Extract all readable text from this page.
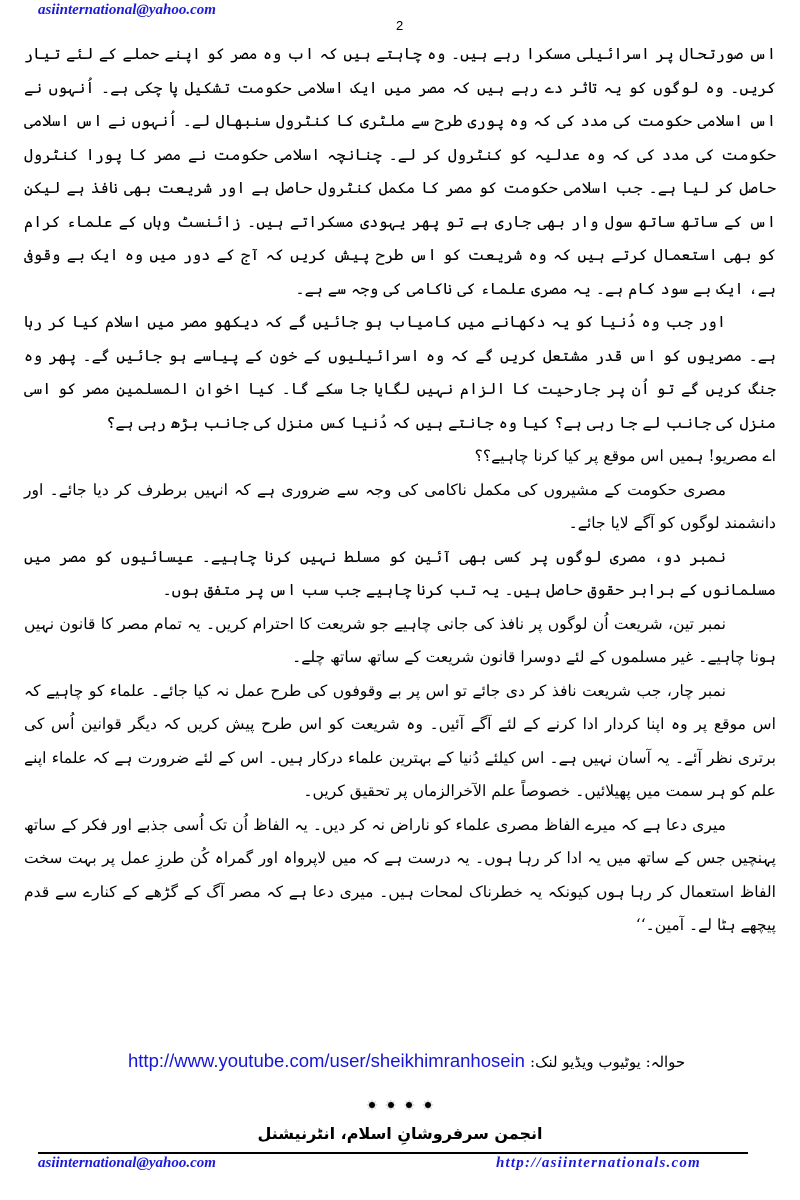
asiinternational@yahoo.com
2

اس صورتحال پر اسرائیلی مسکرا رہے ہیں۔ وہ چاہتے ہیں کہ اب وہ مصر کو اپنے حملے کے لئے تیار کریں۔ وہ لوگوں کو یہ تاثر دے رہے ہیں کہ مصر میں ایک اسلامی حکومت تشکیل پا چکی ہے۔ اُنہوں نے اس اسلامی حکومت کی مدد کی کہ وہ پوری طرح سے ملٹری کا کنٹرول سنبھال لے۔ اُنہوں نے اس اسلامی حکومت کی مدد کی کہ وہ عدلیہ کو کنٹرول کر لے۔ چنانچہ اسلامی حکومت نے مصر کا پورا کنٹرول حاصل کر لیا ہے۔ جب اسلامی حکومت کو مصر کا مکمل کنٹرول حاصل ہے اور شریعت بھی نافذ ہے لیکن اس کے ساتھ ساتھ سول وار بھی جاری ہے تو پھر یہودی مسکراتے ہیں۔ زائنسٹ وہاں کے علماء کرام کو بھی استعمال کرتے ہیں کہ وہ شریعت کو اس طرح پیش کریں کہ آج کے دور میں وہ ایک بے وقوفی ہے، ایک بے سود کام ہے۔ یہ مصری علماء کی ناکامی کی وجہ سے ہے۔

اور جب وہ دُنیا کو یہ دکھانے میں کامیاب ہو جائیں گے کہ دیکھو مصر میں اسلام کیا کر رہا ہے۔ مصریوں کو اس قدر مشتعل کریں گے کہ وہ اسرائیلیوں کے خون کے پیاسے ہو جائیں گے۔ پھر وہ جنگ کریں گے تو اُن پر جارحیت کا الزام نہیں لگایا جا سکے گا۔ کیا اخوان المسلمین مصر کو اسی منزل کی جانب لے جا رہی ہے؟ کیا وہ جانتے ہیں کہ دُنیا کس منزل کی جانب بڑھ رہی ہے؟

اے مصریو! ہمیں اس موقع پر کیا کرنا چاہیے؟؟

مصری حکومت کے مشیروں کی مکمل ناکامی کی وجہ سے ضروری ہے کہ انہیں برطرف کر دیا جائے۔ اور دانشمند لوگوں کو آگے لایا جائے۔

نمبر دو، مصری لوگوں پر کسی بھی آئین کو مسلط نہیں کرنا چاہیے۔ عیسائیوں کو مصر میں مسلمانوں کے برابر حقوق حاصل ہیں۔ یہ تب کرنا چاہیے جب سب اس پر متفق ہوں۔

نمبر تین، شریعت اُن لوگوں پر نافذ کی جانی چاہیے جو شریعت کا احترام کریں۔ یہ تمام مصر کا قانون نہیں ہونا چاہیے۔ غیر مسلموں کے لئے دوسرا قانون شریعت کے ساتھ ساتھ چلے۔

نمبر چار، جب شریعت نافذ کر دی جائے تو اس پر بے وقوفوں کی طرح عمل نہ کیا جائے۔ علماء کو چاہیے کہ اس موقع پر وہ اپنا کردار ادا کرنے کے لئے آگے آئیں۔ وہ شریعت کو اس طرح پیش کریں کہ دیگر قوانین اُس کی برتری نظر آئے۔ یہ آسان نہیں ہے۔ اس کیلئے دُنیا کے بہترین علماء درکار ہیں۔ اس کے لئے ضرورت ہے کہ علماء اپنے علم کو ہر سمت میں پھیلائیں۔ خصوصاً علم الآخرالزماں پر تحقیق کریں۔

میری دعا ہے کہ میرے الفاظ مصری علماء کو ناراض نہ کر دیں۔ یہ الفاظ اُن تک اُسی جذبے اور فکر کے ساتھ پہنچیں جس کے ساتھ میں یہ ادا کر رہا ہوں۔ یہ درست ہے کہ میں لاپرواہ اور گمراہ کُن طرزِ عمل پر بہت سخت الفاظ استعمال کر رہا ہوں کیونکہ یہ خطرناک لمحات ہیں۔ میری دعا ہے کہ مصر آگ کے گڑھے کے کنارے سے قدم پیچھے ہٹا لے۔ آمین۔‘‘

حوالہ: یوٹیوب ویڈیو لنک: http://www.youtube.com/user/sheikhimranhosein
انجمن سرفروشانِ اسلام، انٹرنیشنل
asiinternational@yahoo.com	http://asiinternationals.com
